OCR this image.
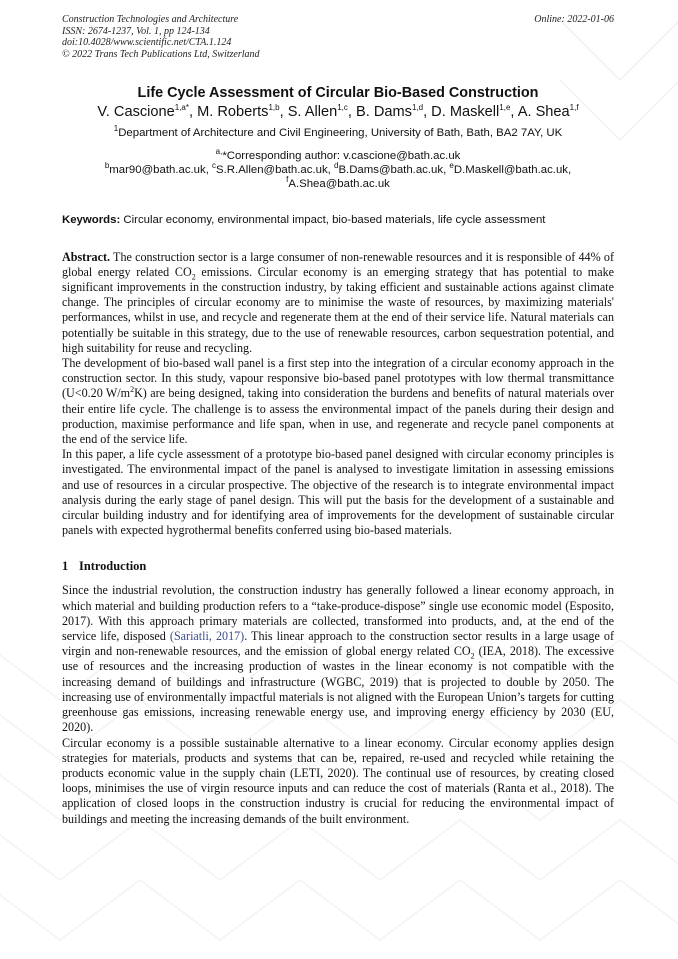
Construction Technologies and Architecture
ISSN: 2674-1237, Vol. 1, pp 124-134
doi:10.4028/www.scientific.net/CTA.1.124
© 2022 Trans Tech Publications Ltd, Switzerland
Online: 2022-01-06
Life Cycle Assessment of Circular Bio-Based Construction
V. Cascione$^{1,a*}$, M. Roberts$^{1,b}$, S. Allen$^{1,c}$, B. Dams$^{1,d}$, D. Maskell$^{1,e}$, A. Shea$^{1,f}$
$^1$Department of Architecture and Civil Engineering, University of Bath, Bath, BA2 7AY, UK
$^{a,}$*Corresponding author: v.cascione@bath.ac.uk
$^b$mar90@bath.ac.uk, $^c$S.R.Allen@bath.ac.uk, $^d$B.Dams@bath.ac.uk, $^e$D.Maskell@bath.ac.uk,
$^f$A.Shea@bath.ac.uk
Keywords: Circular economy, environmental impact, bio-based materials, life cycle assessment

Abstract. The construction sector is a large consumer of non-renewable resources and it is responsible of 44% of global energy related $CO_2$ emissions. Circular economy is an emerging strategy that has potential to make significant improvements in the construction industry, by taking efficient and sustainable actions against climate change. The principles of circular economy are to minimise the waste of resources, by maximizing materials' performances, whilst in use, and recycle and regenerate them at the end of their service life. Natural materials can potentially be suitable in this strategy, due to the use of renewable resources, carbon sequestration potential, and high suitability for reuse and recycling.

The development of bio-based wall panel is a first step into the integration of a circular economy approach in the construction sector. In this study, vapour responsive bio-based panel prototypes with low thermal transmittance (U<0.20 $W/m^2K$) are being designed, taking into consideration the burdens and benefits of natural materials over their entire life cycle. The challenge is to assess the environmental impact of the panels during their design and production, maximise performance and life span, when in use, and regenerate and recycle panel components at the end of the service life.

In this paper, a life cycle assessment of a prototype bio-based panel designed with circular economy principles is investigated. The environmental impact of the panel is analysed to investigate limitation in assessing emissions and use of resources in a circular prospective. The objective of the research is to integrate environmental impact analysis during the early stage of panel design. This will put the basis for the development of a sustainable and circular building industry and for identifying area of improvements for the development of sustainable circular panels with expected hygrothermal benefits conferred using bio-based materials.

1 Introduction

Since the industrial revolution, the construction industry has generally followed a linear economy approach, in which material and building production refers to a “take-produce-dispose” single use economic model (Esposito, 2017). With this approach primary materials are collected, transformed into products, and, at the end of the service life, disposed (Sariatli, 2017). This linear approach to the construction sector results in a large usage of virgin and non-renewable resources, and the emission of global energy related $CO_2$ (IEA, 2018). The excessive use of resources and the increasing production of wastes in the linear economy is not compatible with the increasing demand of buildings and infrastructure (WGBC, 2019) that is projected to double by 2050. The increasing use of environmentally impactful materials is not aligned with the European Union’s targets for cutting greenhouse gas emissions, increasing renewable energy use, and improving energy efficiency by 2030 (EU, 2020).

Circular economy is a possible sustainable alternative to a linear economy. Circular economy applies design strategies for materials, products and systems that can be, repaired, re-used and recycled while retaining the products economic value in the supply chain (LETI, 2020). The continual use of resources, by creating closed loops, minimises the use of virgin resource inputs and can reduce the cost of materials (Ranta et al., 2018). The application of closed loops in the construction industry is crucial for reducing the environmental impact of buildings and meeting the increasing demands of the built environment.
